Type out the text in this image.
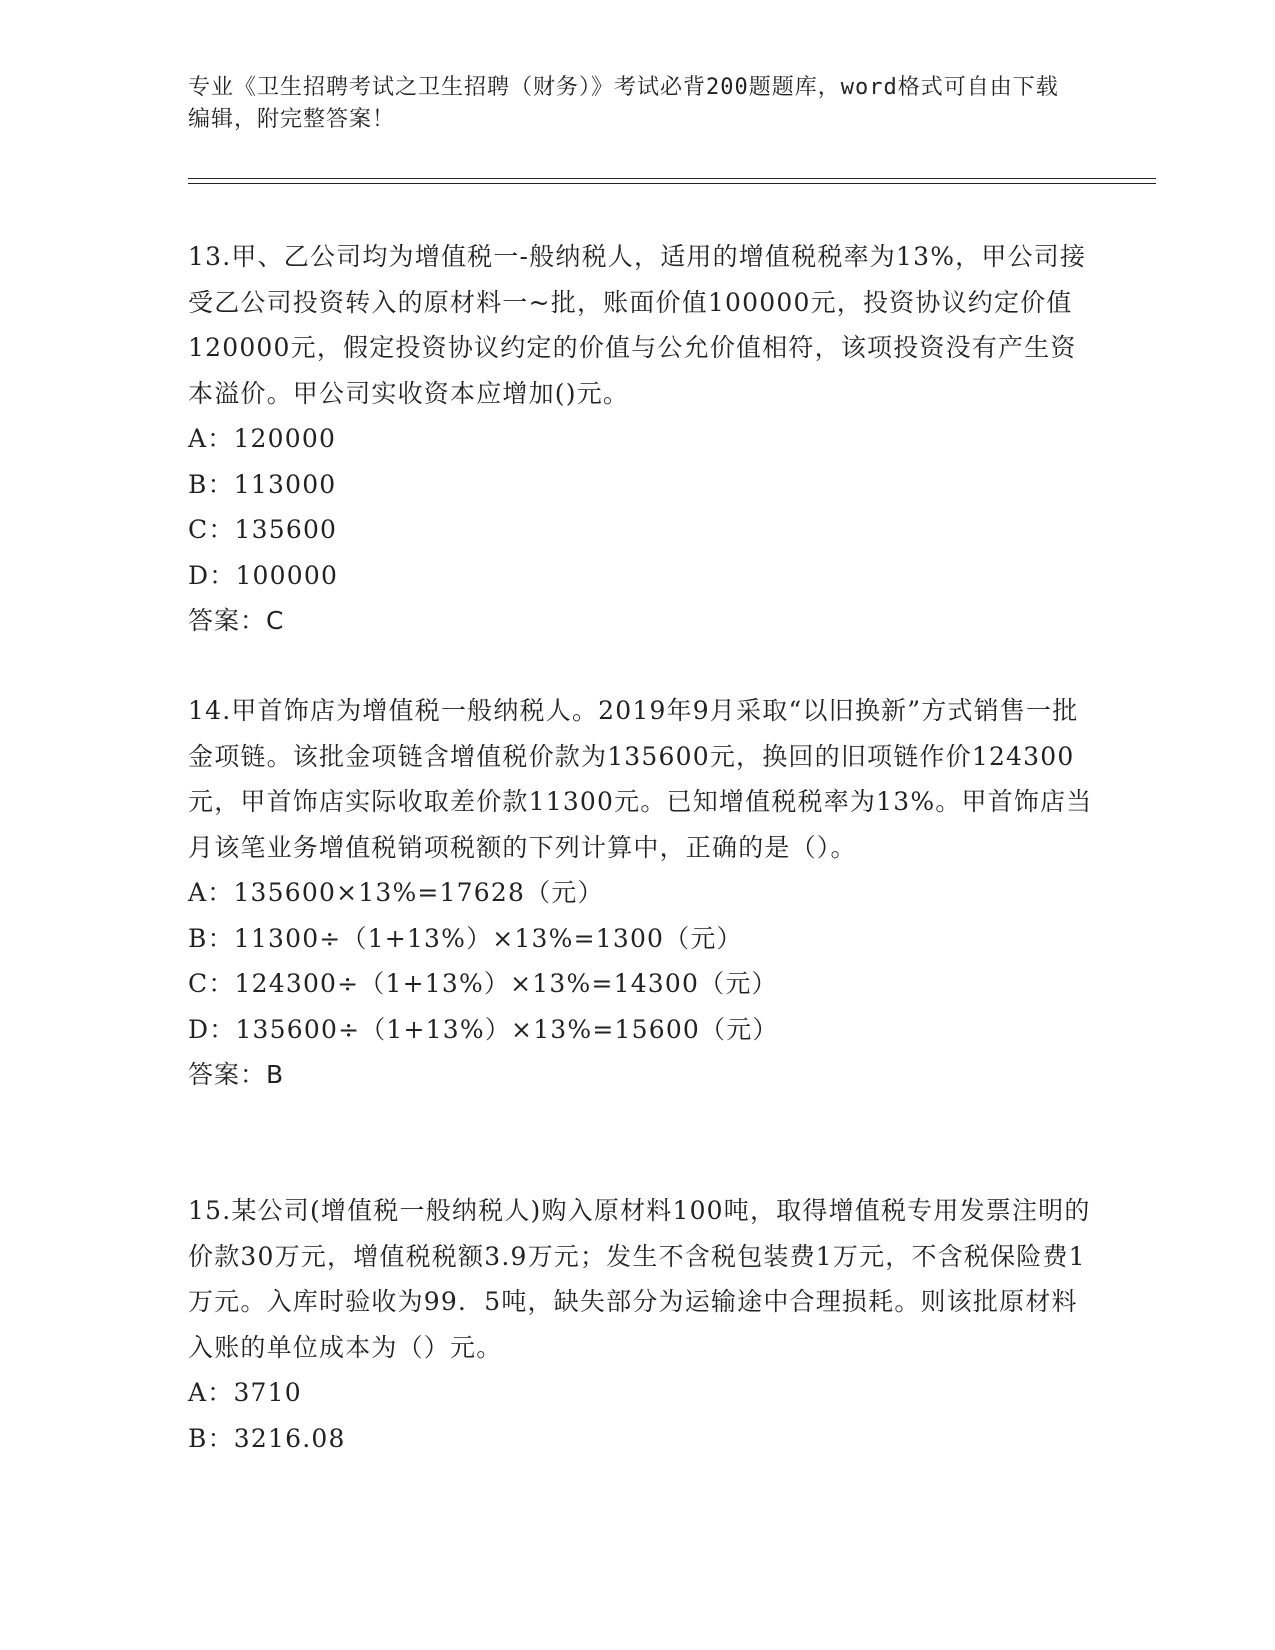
专业《卫生招聘考试之卫生招聘（财务）》考试必背200题题库，word格式可自由下载编辑，附完整答案！

13.甲、乙公司均为增值税一-般纳税人，适用的增值税税率为13%，甲公司接受乙公司投资转入的原材料一~批，账面价值100000元，投资协议约定价值120000元，假定投资协议约定的价值与公允价值相符，该项投资没有产生资本溢价。甲公司实收资本应增加()元。

A：120000

B：113000

C：135600

D：100000

答案：C

14.甲首饰店为增值税一般纳税人。2019年9月采取“以旧换新”方式销售一批金项链。该批金项链含增值税价款为135600元，换回的旧项链作价124300元，甲首饰店实际收取差价款11300元。已知增值税税率为13%。甲首饰店当月该笔业务增值税销项税额的下列计算中，正确的是（）。

A：135600×13%=17628（元）

B：11300÷（1+13%）×13%=1300（元）

C：124300÷（1+13%）×13%=14300（元）

D：135600÷（1+13%）×13%=15600（元）

答案：B

15.某公司(增值税一般纳税人)购入原材料100吨，取得增值税专用发票注明的价款30万元，增值税税额3.9万元；发生不含税包装费1万元，不含税保险费1万元。入库时验收为99．5吨，缺失部分为运输途中合理损耗。则该批原材料入账的单位成本为（）元。

A：3710

B：3216.08
